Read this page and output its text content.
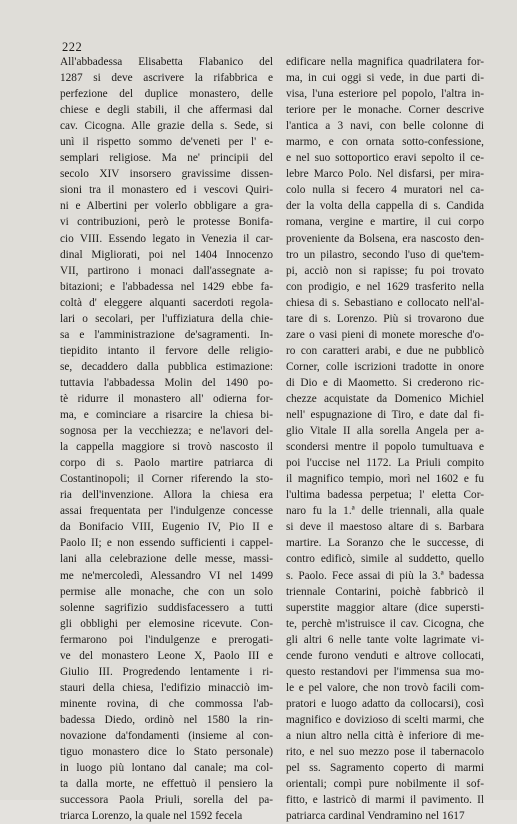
222
All'abbadessa Elisabetta Flabanico del
1287 si deve ascrivere la rifabbrica e
perfezione del duplice monastero, delle
chiese e degli stabili, il che affermasi dal
cav. Cicogna. Alle grazie della s. Sede, si
unì il rispetto sommo de'veneti per l' e-
semplari religiose. Ma ne' principii del
secolo XIV insorsero gravissime dissen-
sioni tra il monastero ed i vescovi Quiri-
ni e Albertini per volerlo obbligare a gra-
vi contribuzioni, però le protesse Bonifa-
cio VIII. Essendo legato in Venezia il car-
dinal Migliorati, poi nel 1404 Innocenzo
VII, partirono i monaci dall'assegnate a-
bitazioni; e l'abbadessa nel 1429 ebbe fa-
coltà d' eleggere alquanti sacerdoti regola-
lari o secolari, per l'uffiziatura della chie-
sa e l'amministrazione de'sagramenti. In-
tiepidito intanto il fervore delle religio-
se, decaddero dalla pubblica estimazione:
tuttavia l'abbadessa Molin del 1490 po-
tè ridurre il monastero all' odierna for-
ma, e cominciare a risarcire la chiesa bi-
sognosa per la vecchiezza; e ne'lavori del-
la cappella maggiore si trovò nascosto il
corpo di s. Paolo martire patriarca di
Costantinopoli; il Corner riferendo la sto-
ria dell'invenzione. Allora la chiesa era
assai frequentata per l'indulgenze concesse
da Bonifacio VIII, Eugenio IV, Pio II e
Paolo II; e non essendo sufficienti i cappel-
lani alla celebrazione delle messe, massi-
me ne'mercoledì, Alessandro VI nel 1499
permise alle monache, che con un solo
solenne sagrifizio suddisfacessero a tutti
gli obblighi per elemosine ricevute. Con-
fermarono poi l'indulgenze e prerogati-
ve del monastero Leone X, Paolo III e
Giulio III. Progredendo lentamente i ri-
stauri della chiesa, l'edifizio minacciò im-
minente rovina, di che commossa l'ab-
badessa Diedo, ordinò nel 1580 la rin-
novazione da'fondamenti (insieme al con-
tiguo monastero dice lo Stato personale)
in luogo più lontano dal canale; ma col-
ta dalla morte, ne effettuò il pensiero la
successora Paola Priuli, sorella del pa-
triarca Lorenzo, la quale nel 1592 fecela
edificare nella magnifica quadrilatera for-
ma, in cui oggi si vede, in due parti di-
visa, l'una esteriore pel popolo, l'altra in-
teriore per le monache. Corner descrive
l'antica a 3 navi, con belle colonne di
marmo, e con ornata sotto-confessione,
e nel suo sottoportico eravi sepolto il ce-
lebre Marco Polo. Nel disfarsi, per mira-
colo nulla si fecero 4 muratori nel ca-
der la volta della cappella di s. Candida
romana, vergine e martire, il cui corpo
proveniente da Bolsena, era nascosto den-
tro un pilastro, secondo l'uso di que'tem-
pi, acciò non si rapisse; fu poi trovato
con prodigio, e nel 1629 trasferito nella
chiesa di s. Sebastiano e collocato nell'al-
tare di s. Lorenzo. Più si trovarono due
zare o vasi pieni di monete moresche d'o-
ro con caratteri arabi, e due ne pubblicò
Corner, colle iscrizioni tradotte in onore
di Dio e di Maometto. Si crederono ric-
chezze acquistate da Domenico Michiel
nell' espugnazione di Tiro, e date dal fi-
glio Vitale II alla sorella Angela per a-
scondersi mentre il popolo tumultuava e
poi l'uccise nel 1172. La Priuli compito
il magnifico tempio, morì nel 1602 e fu
l'ultima badessa perpetua; l' eletta Cor-
naro fu la 1.ª delle triennali, alla quale
si deve il maestoso altare di s. Barbara
martire. La Soranzo che le successe, di
contro edificò, simile al suddetto, quello
s. Paolo. Fece assai di più la 3.ª badessa
triennale Contarini, poichè fabbricò il
superstite maggior altare (dice supersti-
te, perchè m'istruisce il cav. Cicogna, che
gli altri 6 nelle tante volte lagrimate vi-
cende furono venduti e altrove collocati,
questo restandovi per l'immensa sua mo-
le e pel valore, che non trovò facili com-
pratori e luogo adatto da collocarsi), così
magnifico e dovizioso di scelti marmi, che
a niun altro nella città è inferiore di me-
rito, e nel suo mezzo pose il tabernacolo
pel ss. Sagramento coperto di marmi
orientali; compì pure nobilmente il sof-
fitto, e lastricò di marmi il pavimento. Il
patriarca cardinal Vendramino nel 1617
